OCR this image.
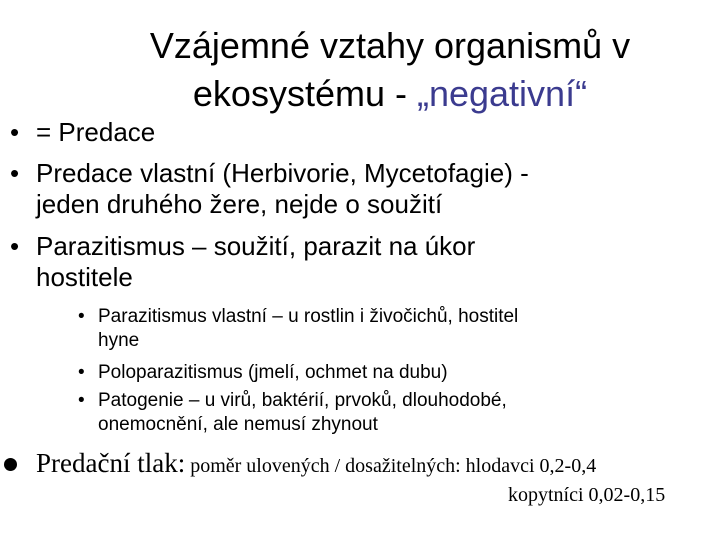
Vzájemné vztahy organismů v
ekosystému - „negativní“
• = Predace
• Predace vlastní (Herbivorie, Mycetofagie) -
jeden druhého žere, nejde o soužití
• Parazitismus – soužití, parazit na úkor
hostitele
• Parazitismus vlastní – u rostlin i živočichů, hostitel
hyne
• Poloparazitismus (jmelí, ochmet na dubu)
• Patogenie – u virů, baktérií, prvoků, dlouhodobé,
onemocnění, ale nemusí zhynout
Predační tlak: poměr ulovených / dosažitelných: hlodavci 0,2-0,4
kopytníci 0,02-0,15
